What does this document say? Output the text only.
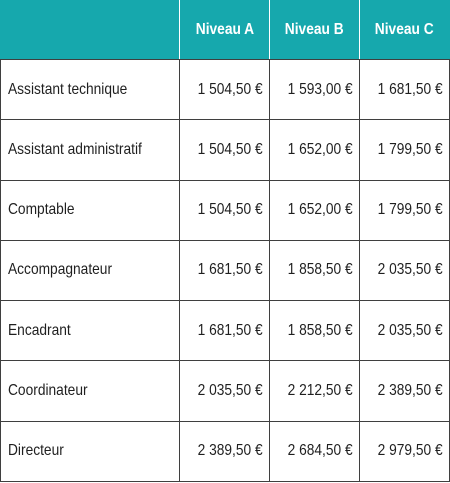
	Niveau A	Niveau B	Niveau C
Assistant technique	1 504,50 €	1 593,00 €	1 681,50 €
Assistant administratif	1 504,50 €	1 652,00 €	1 799,50 €
Comptable	1 504,50 €	1 652,00 €	1 799,50 €
Accompagnateur	1 681,50 €	1 858,50 €	2 035,50 €
Encadrant	1 681,50 €	1 858,50 €	2 035,50 €
Coordinateur	2 035,50 €	2 212,50 €	2 389,50 €
Directeur	2 389,50 €	2 684,50 €	2 979,50 €
